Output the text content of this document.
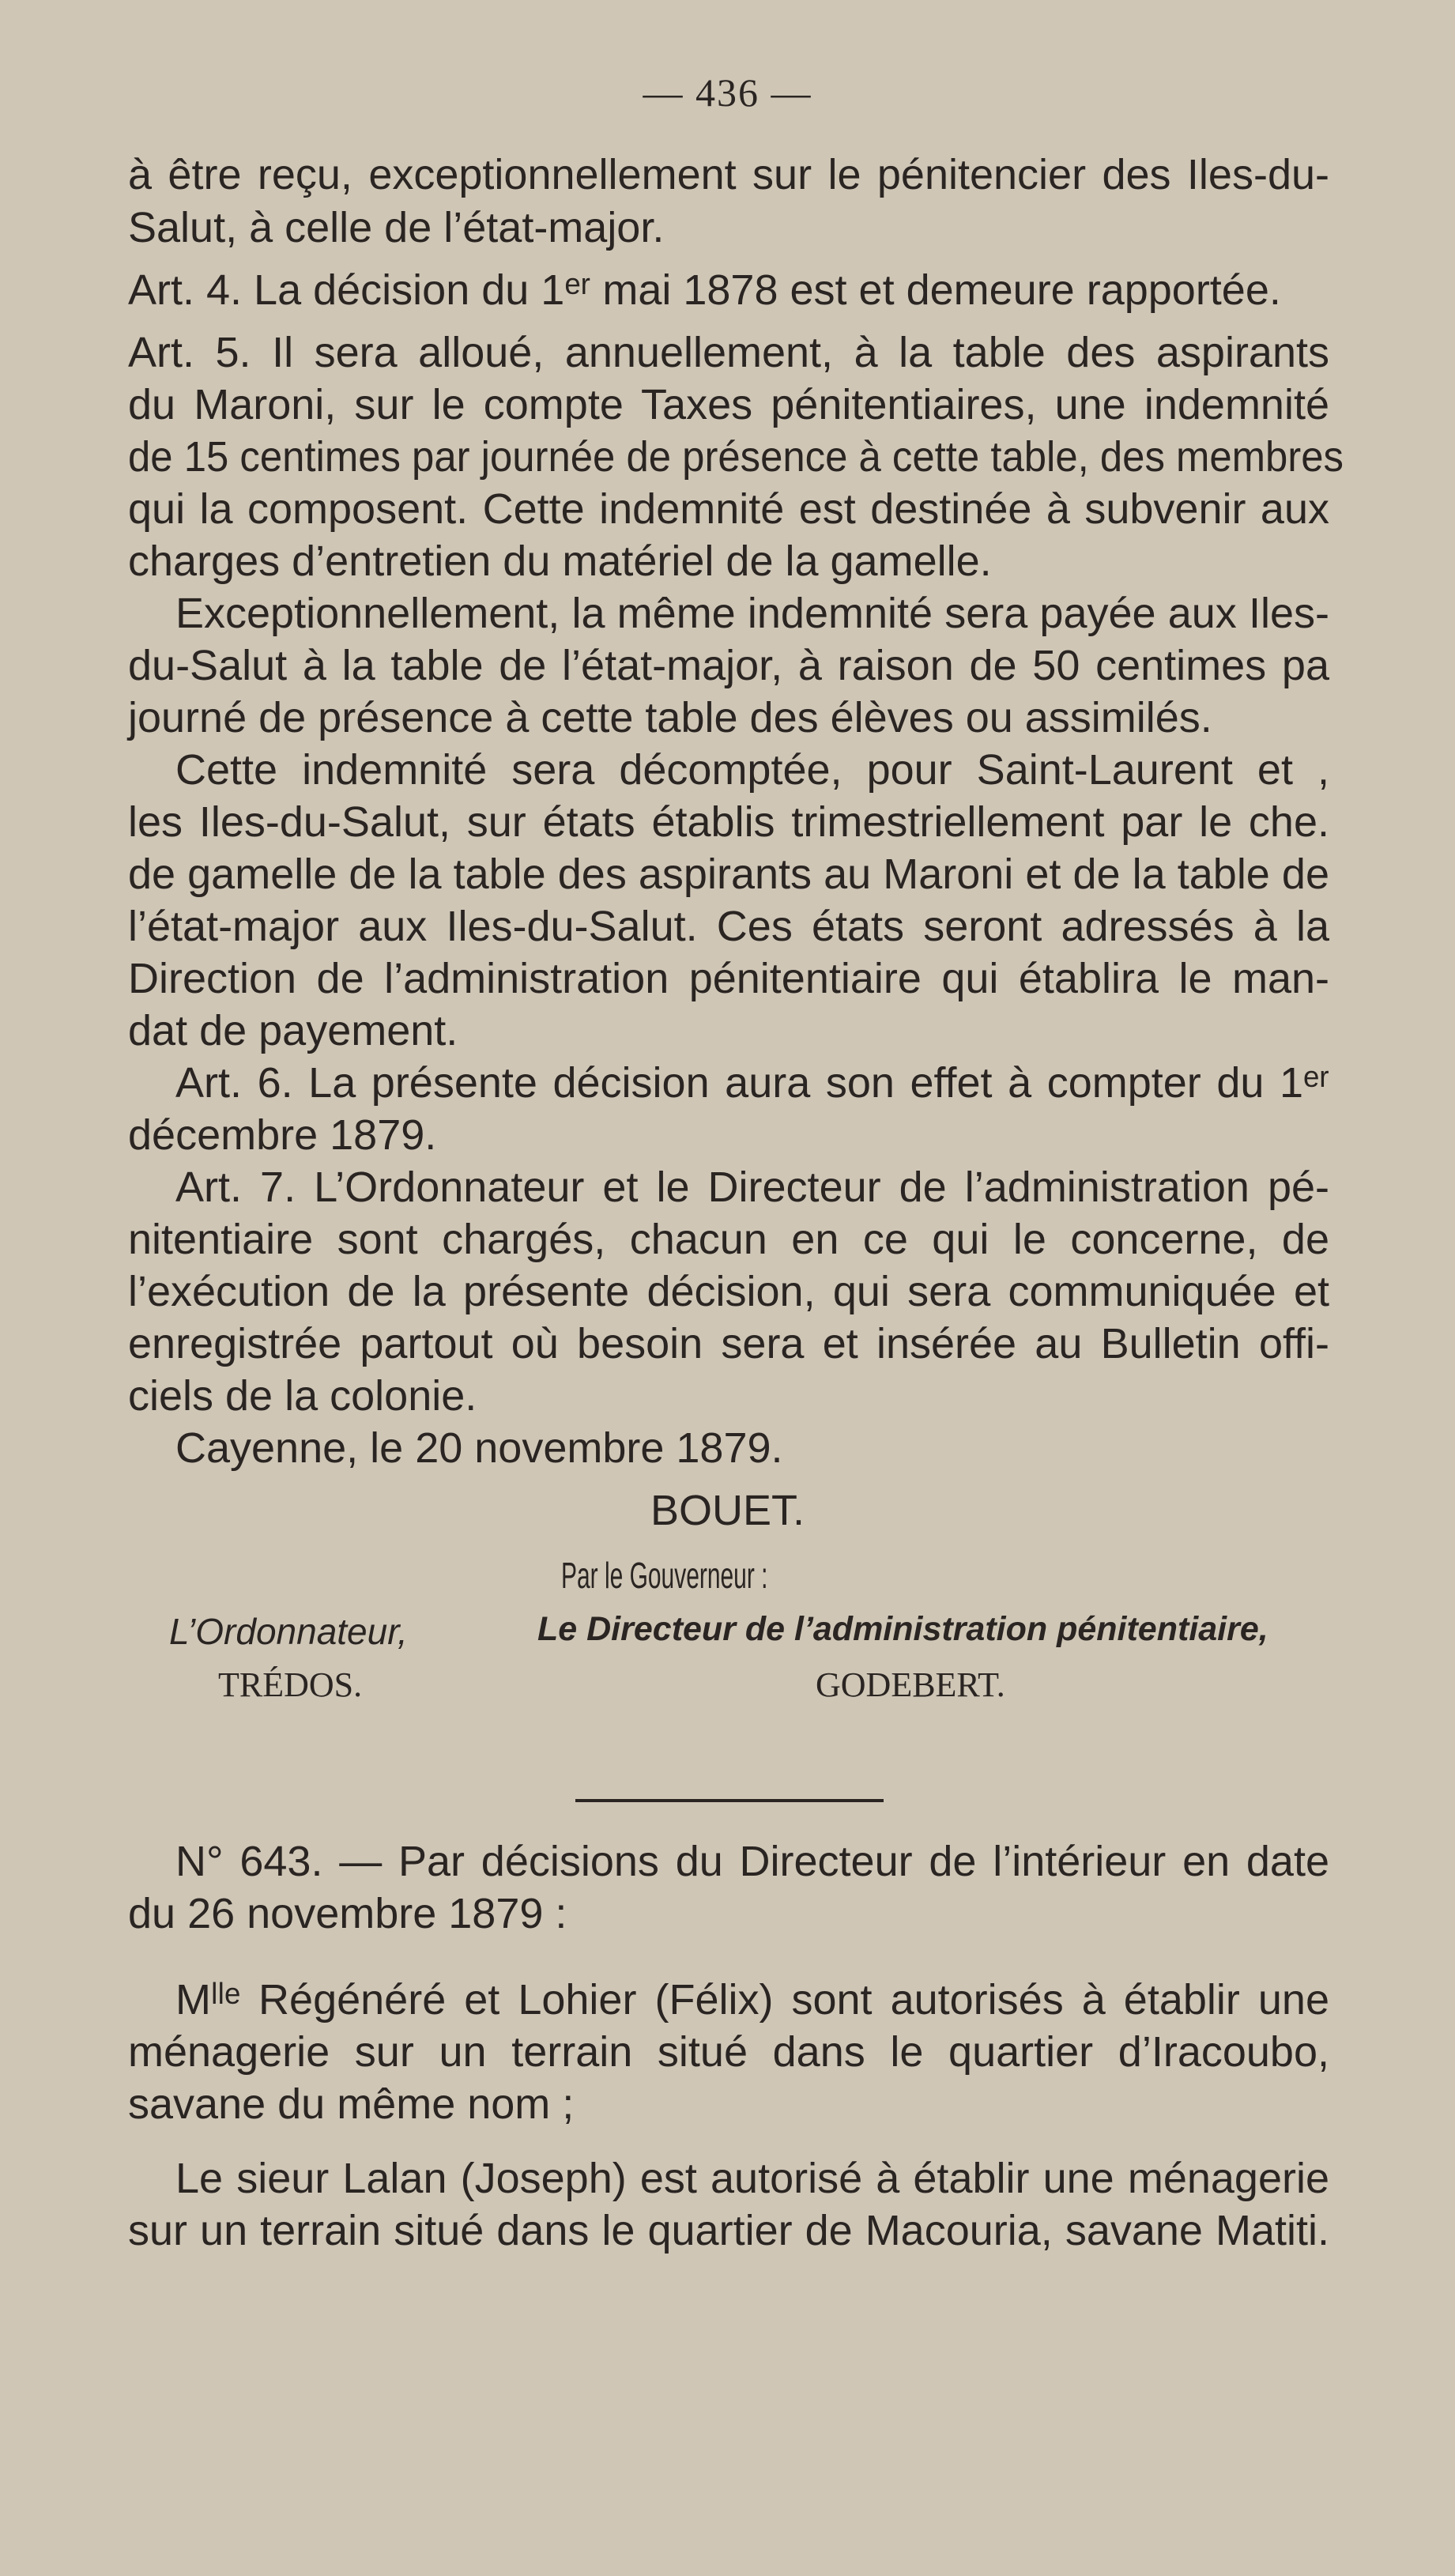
— 436 —
à être reçu, exceptionnellement sur le pénitencier des Iles-du-
Salut, à celle de l’état-major.
Art. 4. La décision du 1ᵉʳ mai 1878 est et demeure rapportée.
Art. 5. Il sera alloué, annuellement, à la table des aspirants
du Maroni, sur le compte Taxes pénitentiaires, une indemnité
de 15 centimes par journée de présence à cette table, des membres
qui la composent. Cette indemnité est destinée à subvenir aux
charges d’entretien du matériel de la gamelle.
Exceptionnellement, la même indemnité sera payée aux Iles-
du-Salut à la table de l’état-major, à raison de 50 centimes pa
journé de présence à cette table des élèves ou assimilés.
Cette indemnité sera décomptée, pour Saint-Laurent et ,
les Iles-du-Salut, sur états établis trimestriellement par le che.
de gamelle de la table des aspirants au Maroni et de la table de
l’état-major aux Iles-du-Salut. Ces états seront adressés à la
Direction de l’administration pénitentiaire qui établira le man-
dat de payement.
Art. 6. La présente décision aura son effet à compter du 1ᵉʳ
décembre 1879.
Art. 7. L’Ordonnateur et le Directeur de l’administration pé-
nitentiaire sont chargés, chacun en ce qui le concerne, de
l’exécution de la présente décision, qui sera communiquée et
enregistrée partout où besoin sera et insérée au Bulletin offi-
ciels de la colonie.
Cayenne, le 20 novembre 1879.
BOUET.
Par le Gouverneur :
L’Ordonnateur,
TRÉDOS.
Le Directeur de l’administration pénitentiaire,
GODEBERT.
N° 643. — Par décisions du Directeur de l’intérieur en date
du 26 novembre 1879 :
Mˡˡᵉ Régénéré et Lohier (Félix) sont autorisés à établir une
ménagerie sur un terrain situé dans le quartier d’Iracoubo,
savane du même nom ;
Le sieur Lalan (Joseph) est autorisé à établir une ménagerie
sur un terrain situé dans le quartier de Macouria, savane Matiti.
